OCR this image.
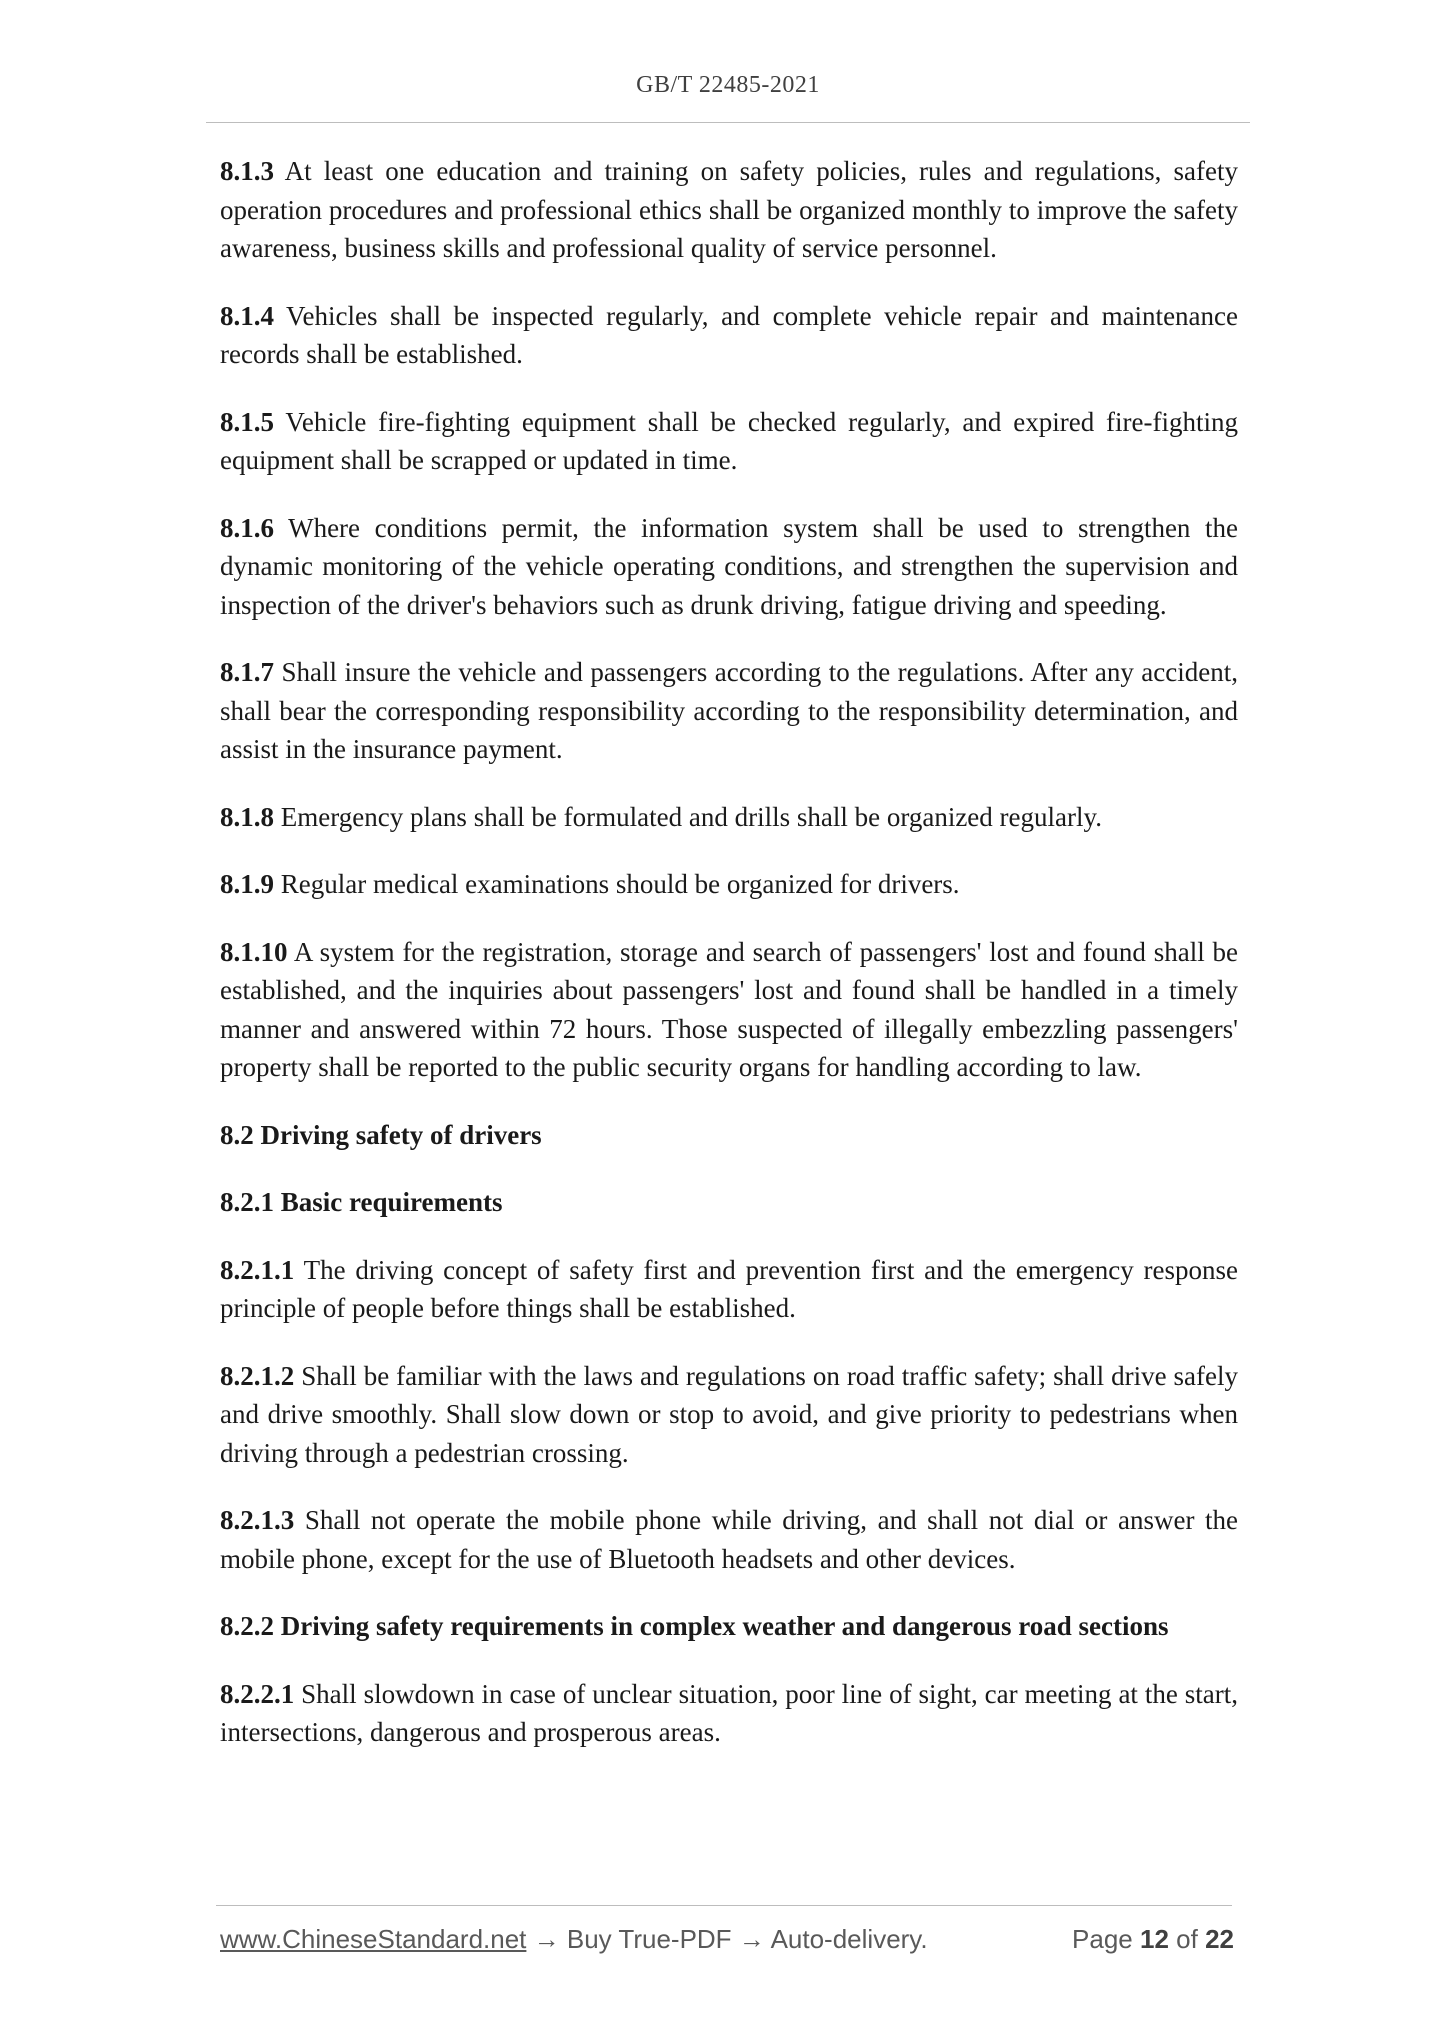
GB/T 22485-2021

8.1.3 At least one education and training on safety policies, rules and regulations, safety operation procedures and professional ethics shall be organized monthly to improve the safety awareness, business skills and professional quality of service personnel.

8.1.4 Vehicles shall be inspected regularly, and complete vehicle repair and maintenance records shall be established.

8.1.5 Vehicle fire-fighting equipment shall be checked regularly, and expired fire-fighting equipment shall be scrapped or updated in time.

8.1.6 Where conditions permit, the information system shall be used to strengthen the dynamic monitoring of the vehicle operating conditions, and strengthen the supervision and inspection of the driver's behaviors such as drunk driving, fatigue driving and speeding.

8.1.7 Shall insure the vehicle and passengers according to the regulations. After any accident, shall bear the corresponding responsibility according to the responsibility determination, and assist in the insurance payment.

8.1.8 Emergency plans shall be formulated and drills shall be organized regularly.

8.1.9 Regular medical examinations should be organized for drivers.

8.1.10 A system for the registration, storage and search of passengers' lost and found shall be established, and the inquiries about passengers' lost and found shall be handled in a timely manner and answered within 72 hours. Those suspected of illegally embezzling passengers' property shall be reported to the public security organs for handling according to law.

8.2 Driving safety of drivers

8.2.1 Basic requirements

8.2.1.1 The driving concept of safety first and prevention first and the emergency response principle of people before things shall be established.

8.2.1.2 Shall be familiar with the laws and regulations on road traffic safety; shall drive safely and drive smoothly. Shall slow down or stop to avoid, and give priority to pedestrians when driving through a pedestrian crossing.

8.2.1.3 Shall not operate the mobile phone while driving, and shall not dial or answer the mobile phone, except for the use of Bluetooth headsets and other devices.

8.2.2 Driving safety requirements in complex weather and dangerous road sections

8.2.2.1 Shall slowdown in case of unclear situation, poor line of sight, car meeting at the start, intersections, dangerous and prosperous areas.

www.ChineseStandard.net → Buy True-PDF → Auto-delivery.	Page 12 of 22
